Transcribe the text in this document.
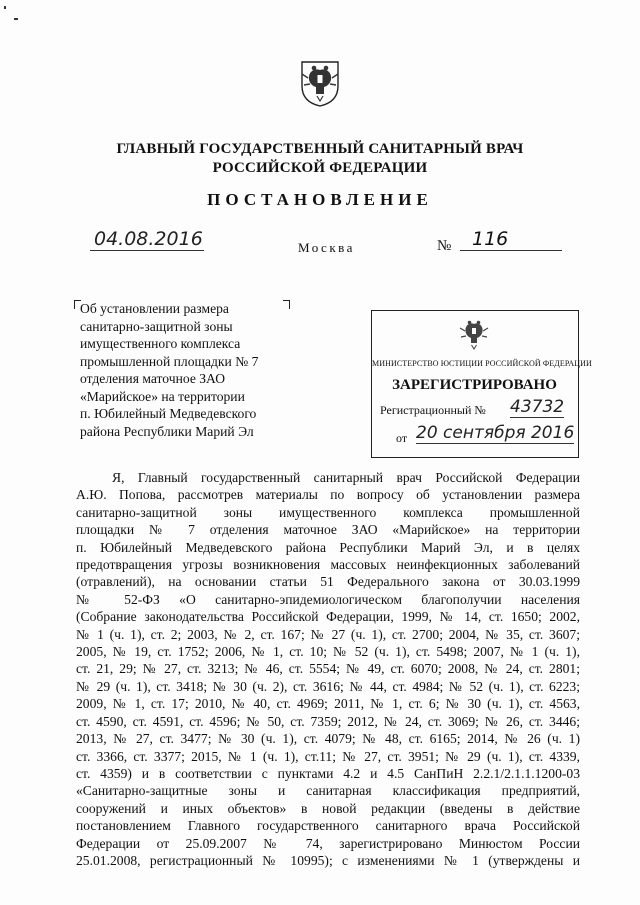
ГЛАВНЫЙ ГОСУДАРСТВЕННЫЙ САНИТАРНЫЙ ВРАЧ
РОССИЙСКОЙ ФЕДЕРАЦИИ
ПОСТАНОВЛЕНИЕ
04.08.2016	Москва	№	116
Об установлении размера
санитарно-защитной зоны
имущественного комплекса
промышленной площадки № 7
отделения маточное ЗАО
«Марийское» на территории
п. Юбилейный Медведевского
района Республики Марий Эл
МИНИСТЕРСТВО ЮСТИЦИИ РОССИЙСКОЙ ФЕДЕРАЦИИ
ЗАРЕГИСТРИРОВАНО
Регистрационный № 43732
от 20 сентября 2016
Я, Главный государственный санитарный врач Российской Федерации
А.Ю. Попова, рассмотрев материалы по вопросу об установлении размера
санитарно-защитной зоны имущественного комплекса промышленной
площадки № 7 отделения маточное ЗАО «Марийское» на территории
п. Юбилейный Медведевского района Республики Марий Эл, и в целях
предотвращения угрозы возникновения массовых неинфекционных заболеваний
(отравлений), на основании статьи 51 Федерального закона от 30.03.1999
№ 52-ФЗ «О санитарно-эпидемиологическом благополучии населения
(Собрание законодательства Российской Федерации, 1999, № 14, ст. 1650; 2002,
№ 1 (ч. 1), ст. 2; 2003, № 2, ст. 167; № 27 (ч. 1), ст. 2700; 2004, № 35, ст. 3607;
2005, № 19, ст. 1752; 2006, № 1, ст. 10; № 52 (ч. 1), ст. 5498; 2007, № 1 (ч. 1),
ст. 21, 29; № 27, ст. 3213; № 46, ст. 5554; № 49, ст. 6070; 2008, № 24, ст. 2801;
№ 29 (ч. 1), ст. 3418; № 30 (ч. 2), ст. 3616; № 44, ст. 4984; № 52 (ч. 1), ст. 6223;
2009, № 1, ст. 17; 2010, № 40, ст. 4969; 2011, № 1, ст. 6; № 30 (ч. 1), ст. 4563,
ст. 4590, ст. 4591, ст. 4596; № 50, ст. 7359; 2012, № 24, ст. 3069; № 26, ст. 3446;
2013, № 27, ст. 3477; № 30 (ч. 1), ст. 4079; № 48, ст. 6165; 2014, № 26 (ч. 1)
ст. 3366, ст. 3377; 2015, № 1 (ч. 1), ст.11; № 27, ст. 3951; № 29 (ч. 1), ст. 4339,
ст. 4359) и в соответствии с пунктами 4.2 и 4.5 СанПиН 2.2.1/2.1.1.1200-03
«Санитарно-защитные зоны и санитарная классификация предприятий,
сооружений и иных объектов» в новой редакции (введены в действие
постановлением Главного государственного санитарного врача Российской
Федерации от 25.09.2007 № 74, зарегистрировано Минюстом России
25.01.2008, регистрационный № 10995); с изменениями № 1 (утверждены и
